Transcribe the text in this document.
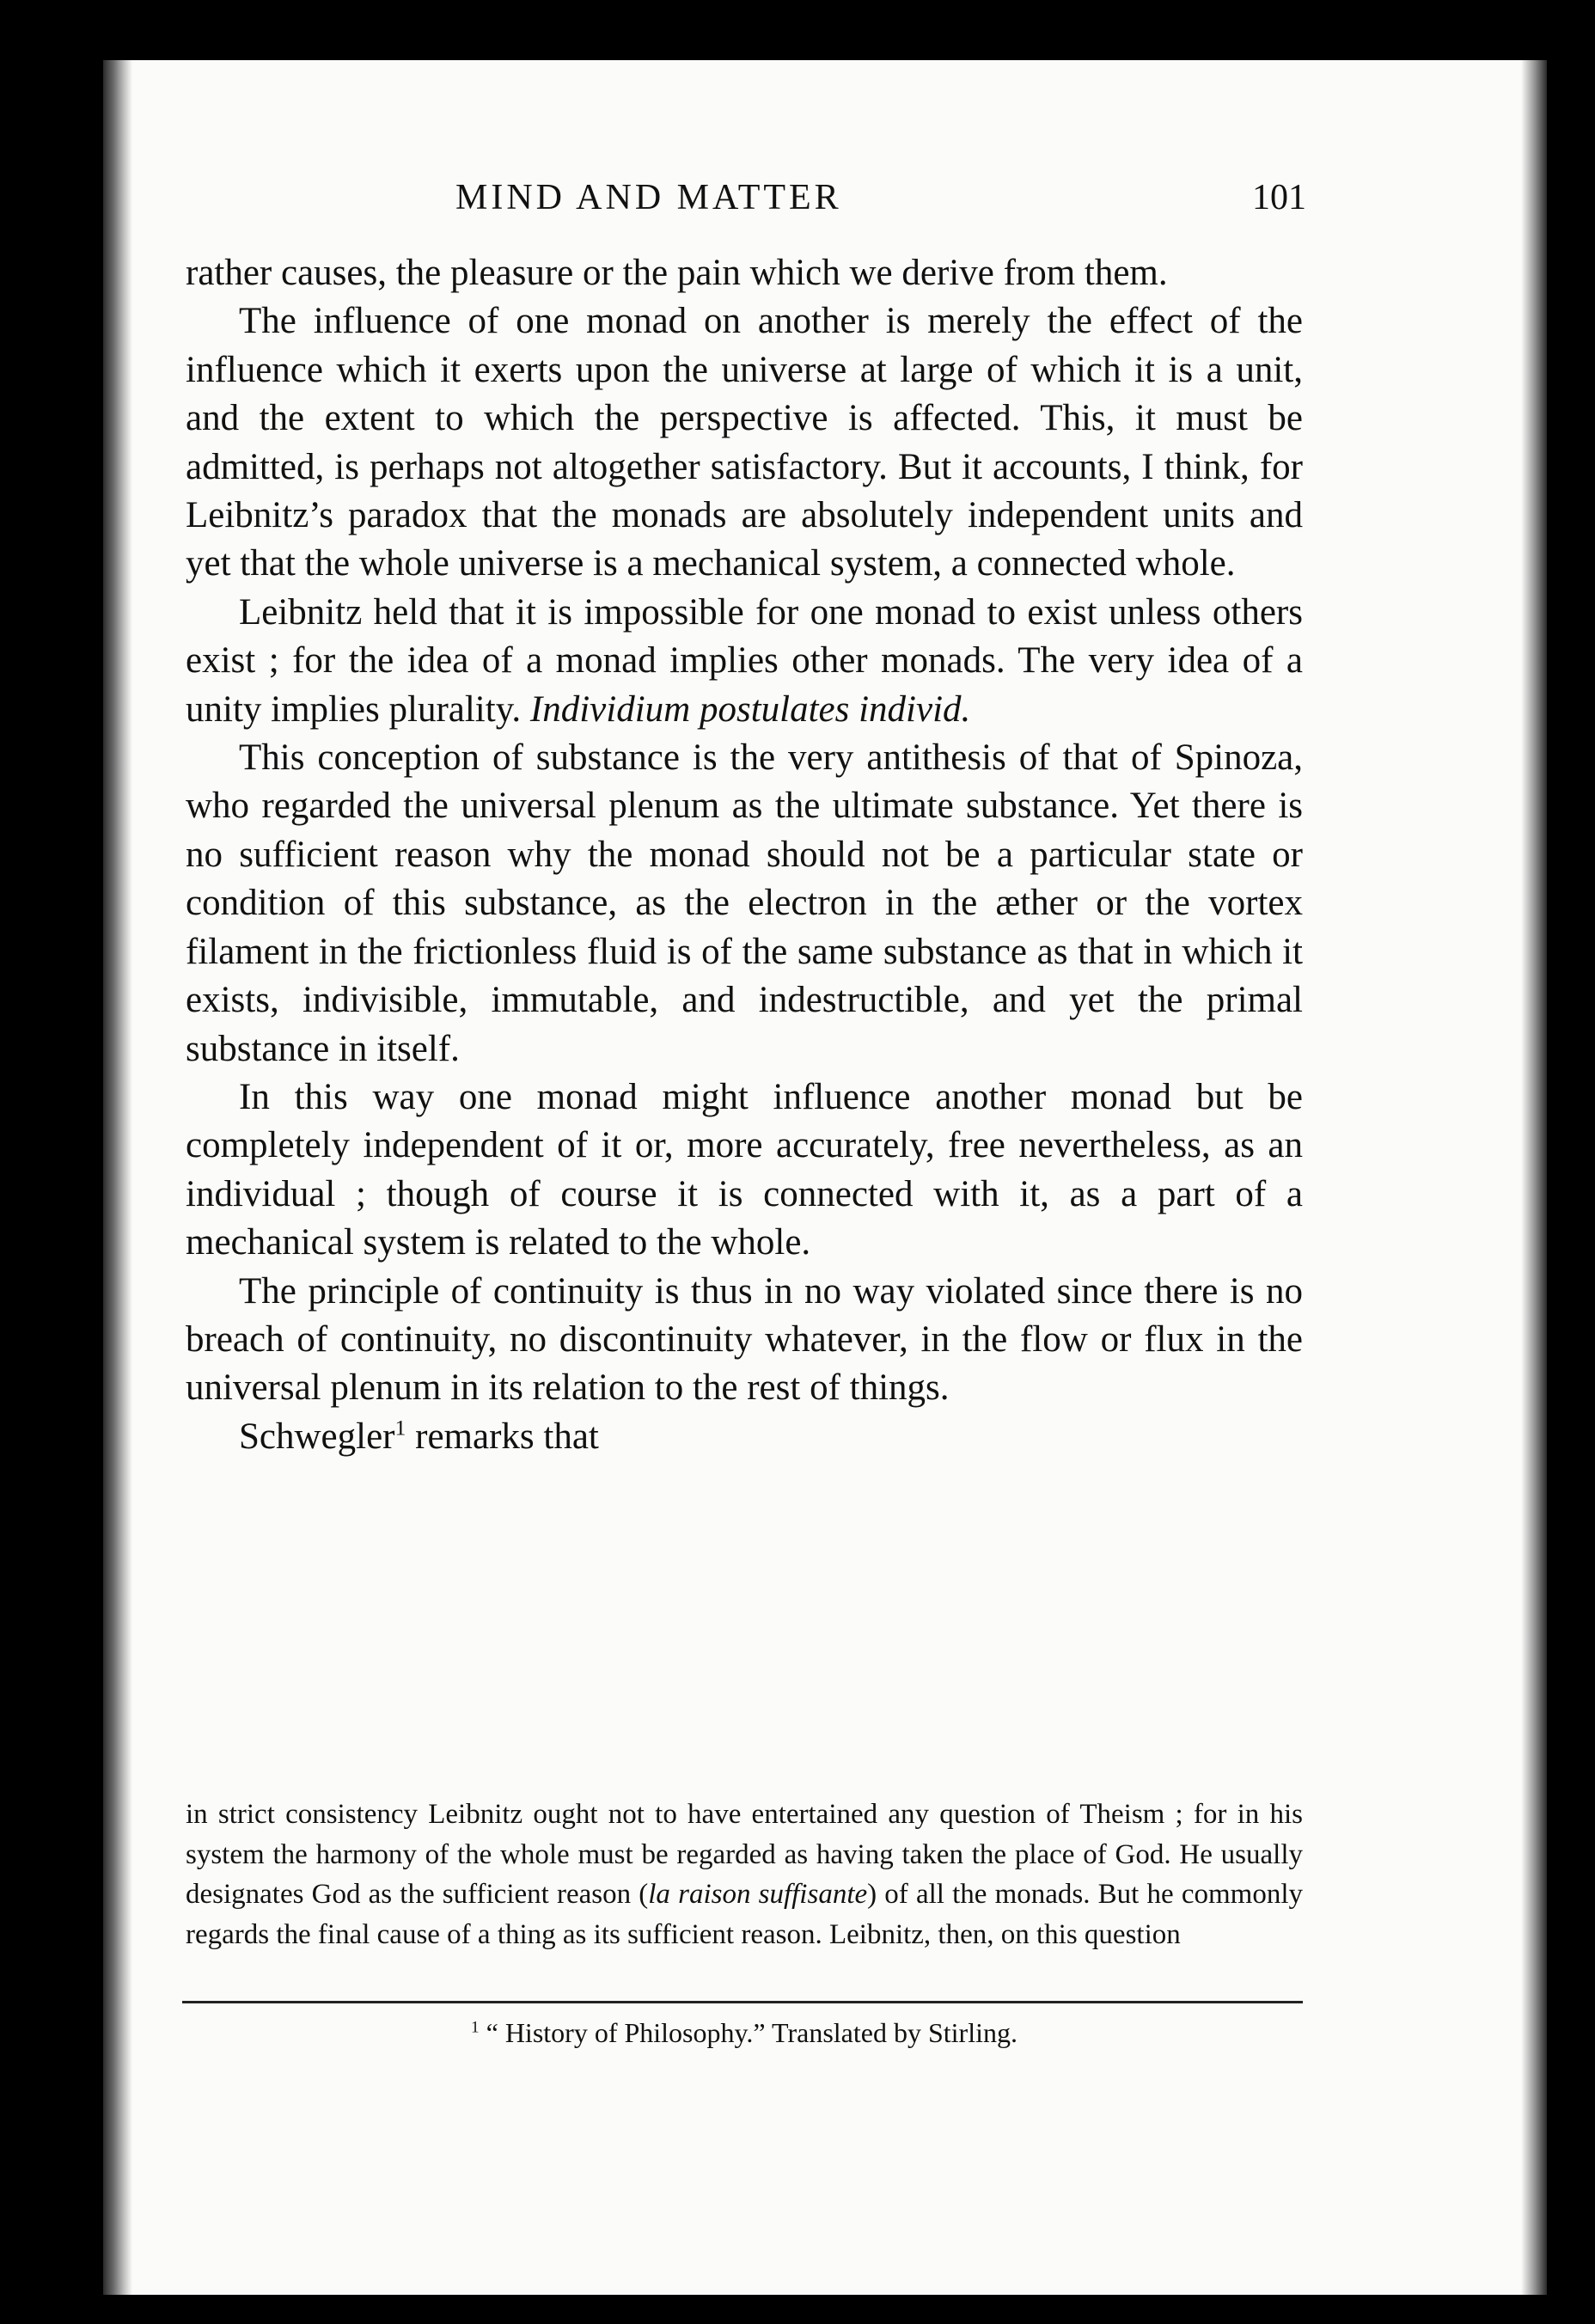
MIND AND MATTER	101

rather causes, the pleasure or the pain which we derive from them.

The influence of one monad on another is merely the effect of the influence which it exerts upon the universe at large of which it is a unit, and the extent to which the perspective is affected. This, it must be admitted, is perhaps not altogether satisfactory. But it accounts, I think, for Leibnitz’s paradox that the monads are absolutely independent units and yet that the whole universe is a mechanical system, a connected whole.

Leibnitz held that it is impossible for one monad to exist unless others exist ; for the idea of a monad implies other monads. The very idea of a unity implies plurality. Individium postulates individ.

This conception of substance is the very antithesis of that of Spinoza, who regarded the universal plenum as the ultimate substance. Yet there is no sufficient reason why the monad should not be a particular state or condition of this substance, as the electron in the æther or the vortex filament in the frictionless fluid is of the same substance as that in which it exists, indivisible, immutable, and indestructible, and yet the primal substance in itself.

In this way one monad might influence another monad but be completely independent of it or, more accurately, free nevertheless, as an individual ; though of course it is connected with it, as a part of a mechanical system is related to the whole.

The principle of continuity is thus in no way violated since there is no breach of continuity, no discontinuity whatever, in the flow or flux in the universal plenum in its relation to the rest of things.

Schwegler$^1$ remarks that

in strict consistency Leibnitz ought not to have entertained any question of Theism ; for in his system the harmony of the whole must be regarded as having taken the place of God. He usually designates God as the sufficient reason (la raison suffisante) of all the monads. But he commonly regards the final cause of a thing as its sufficient reason. Leibnitz, then, on this question
$^1$ “ History of Philosophy.” Translated by Stirling.
